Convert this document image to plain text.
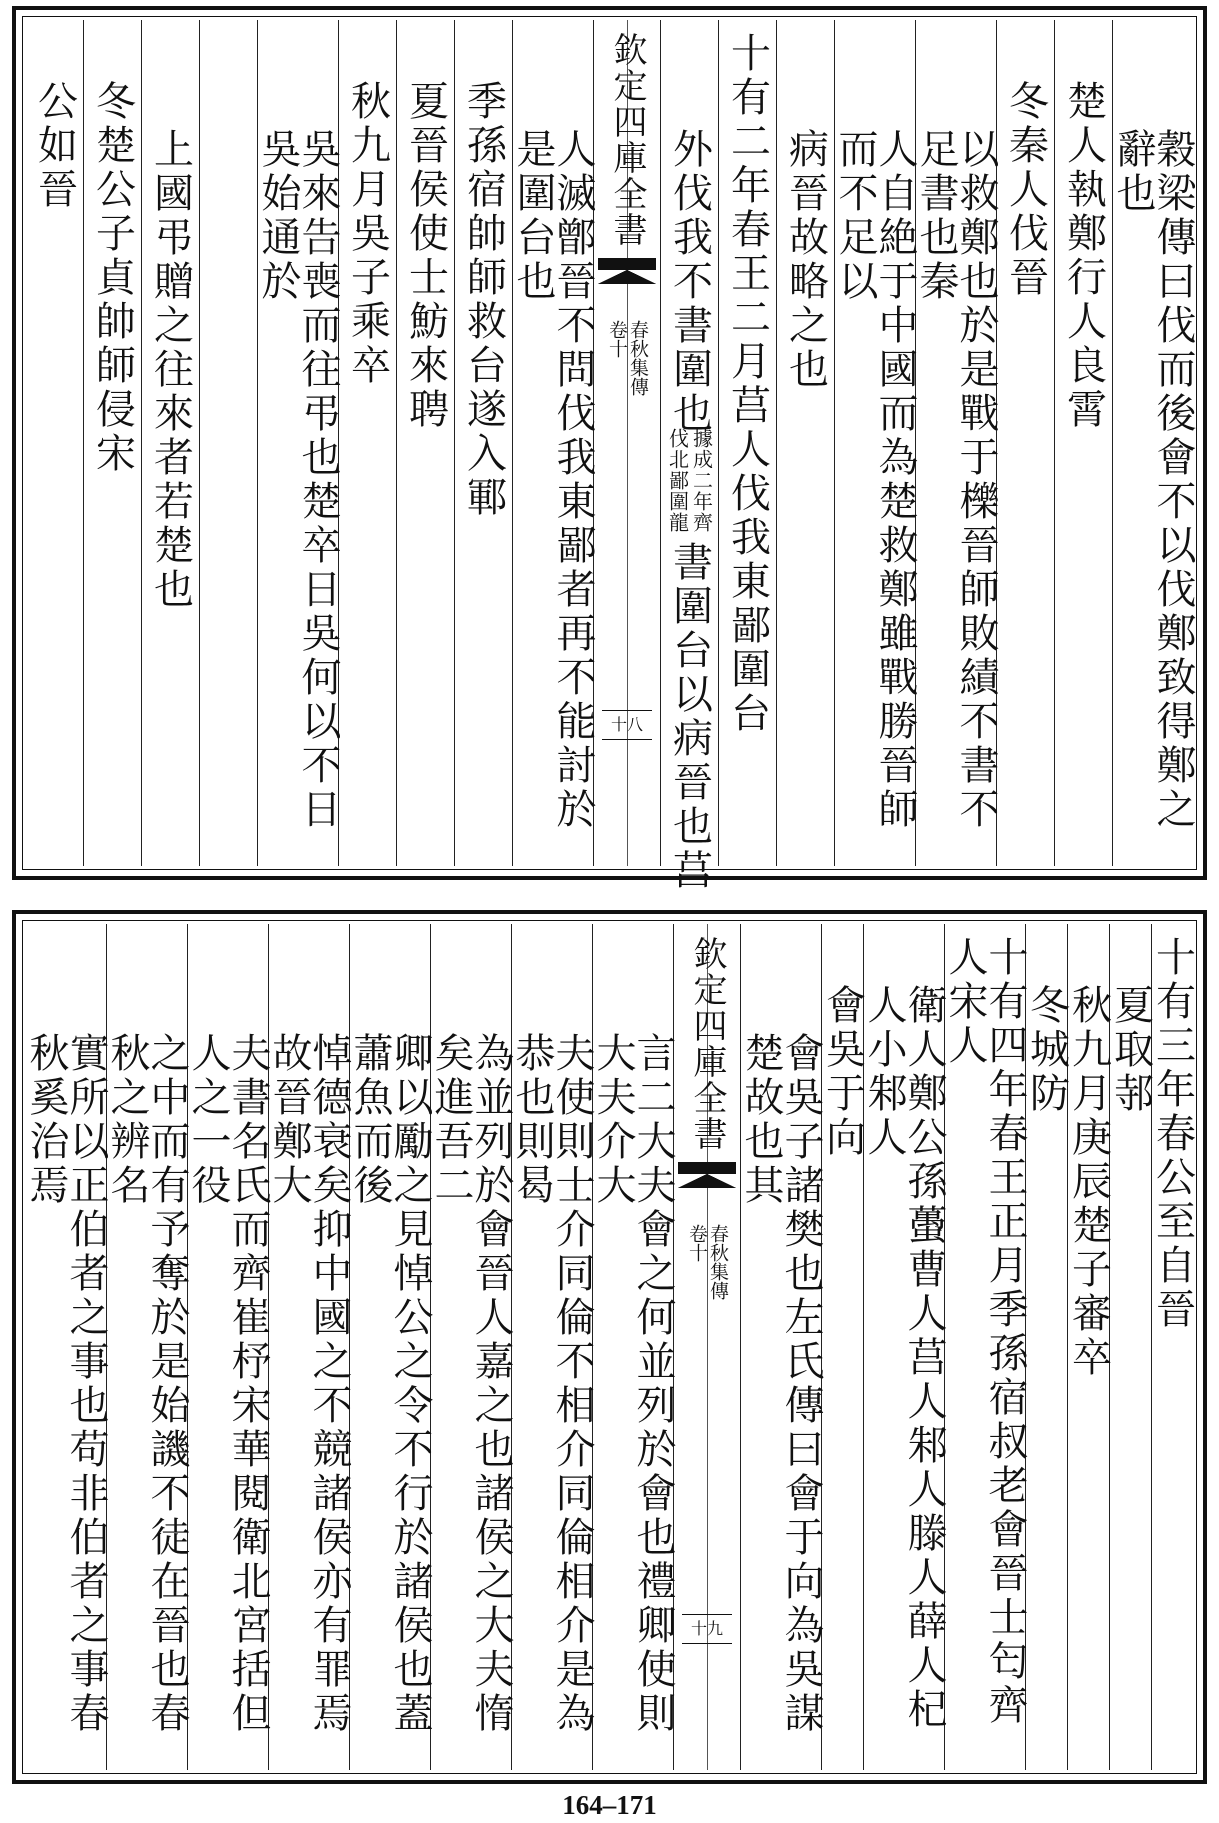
穀梁傳曰伐而後會不以伐鄭致得鄭之辭也
楚人執鄭行人良霄
冬秦人伐晉
以救鄭也於是戰于櫟晉師敗績不書不足書也秦
人自絶于中國而為楚救鄭雖戰勝晉師而不足以
病晉故略之也
十有二年春王二月莒人伐我東鄙圍台
外伐我不書圍也
據成二年齊
伐北鄙圍龍
書圍台以病晉也莒
欽定四庫全書
春秋集傳
卷十
十八
人滅鄫晉不問伐我東鄙者再不能討於是圍台也
季孫宿帥師救台遂入鄆
夏晉侯使士魴來聘
秋九月吳子乘卒
吳來告喪而往弔也楚卒日吳何以不日吳始通於
上國弔贈之往來者若楚也
冬楚公子貞帥師侵宋
公如晉
十有三年春公至自晉
夏取邿
秋九月庚辰楚子審卒
冬城防
十有四年春王正月季孫宿叔老會晉士匄齊人宋人
衛人鄭公孫蠆曹人莒人邾人滕人薛人杞人小邾人
會吳于向
會吳子諸樊也左氏傳曰會于向為吳謀楚故也其
欽定四庫全書
春秋集傳
卷十
十九
言二大夫會之何並列於會也禮卿使則大夫介大
夫使則士介同倫不相介同倫相介是為恭也則曷
為並列於會晉人嘉之也諸侯之大夫惰矣進吾二
卿以勵之見悼公之令不行於諸侯也蓋蕭魚而後
悼德衰矣抑中國之不競諸侯亦有罪焉故晉鄭大
夫書名氏而齊崔杼宋華閱衛北宮括但人之一役
之中而有予奪於是始譏不徒在晉也春秋之辨名
實所以正伯者之事也苟非伯者之事春秋奚治焉
164–171
